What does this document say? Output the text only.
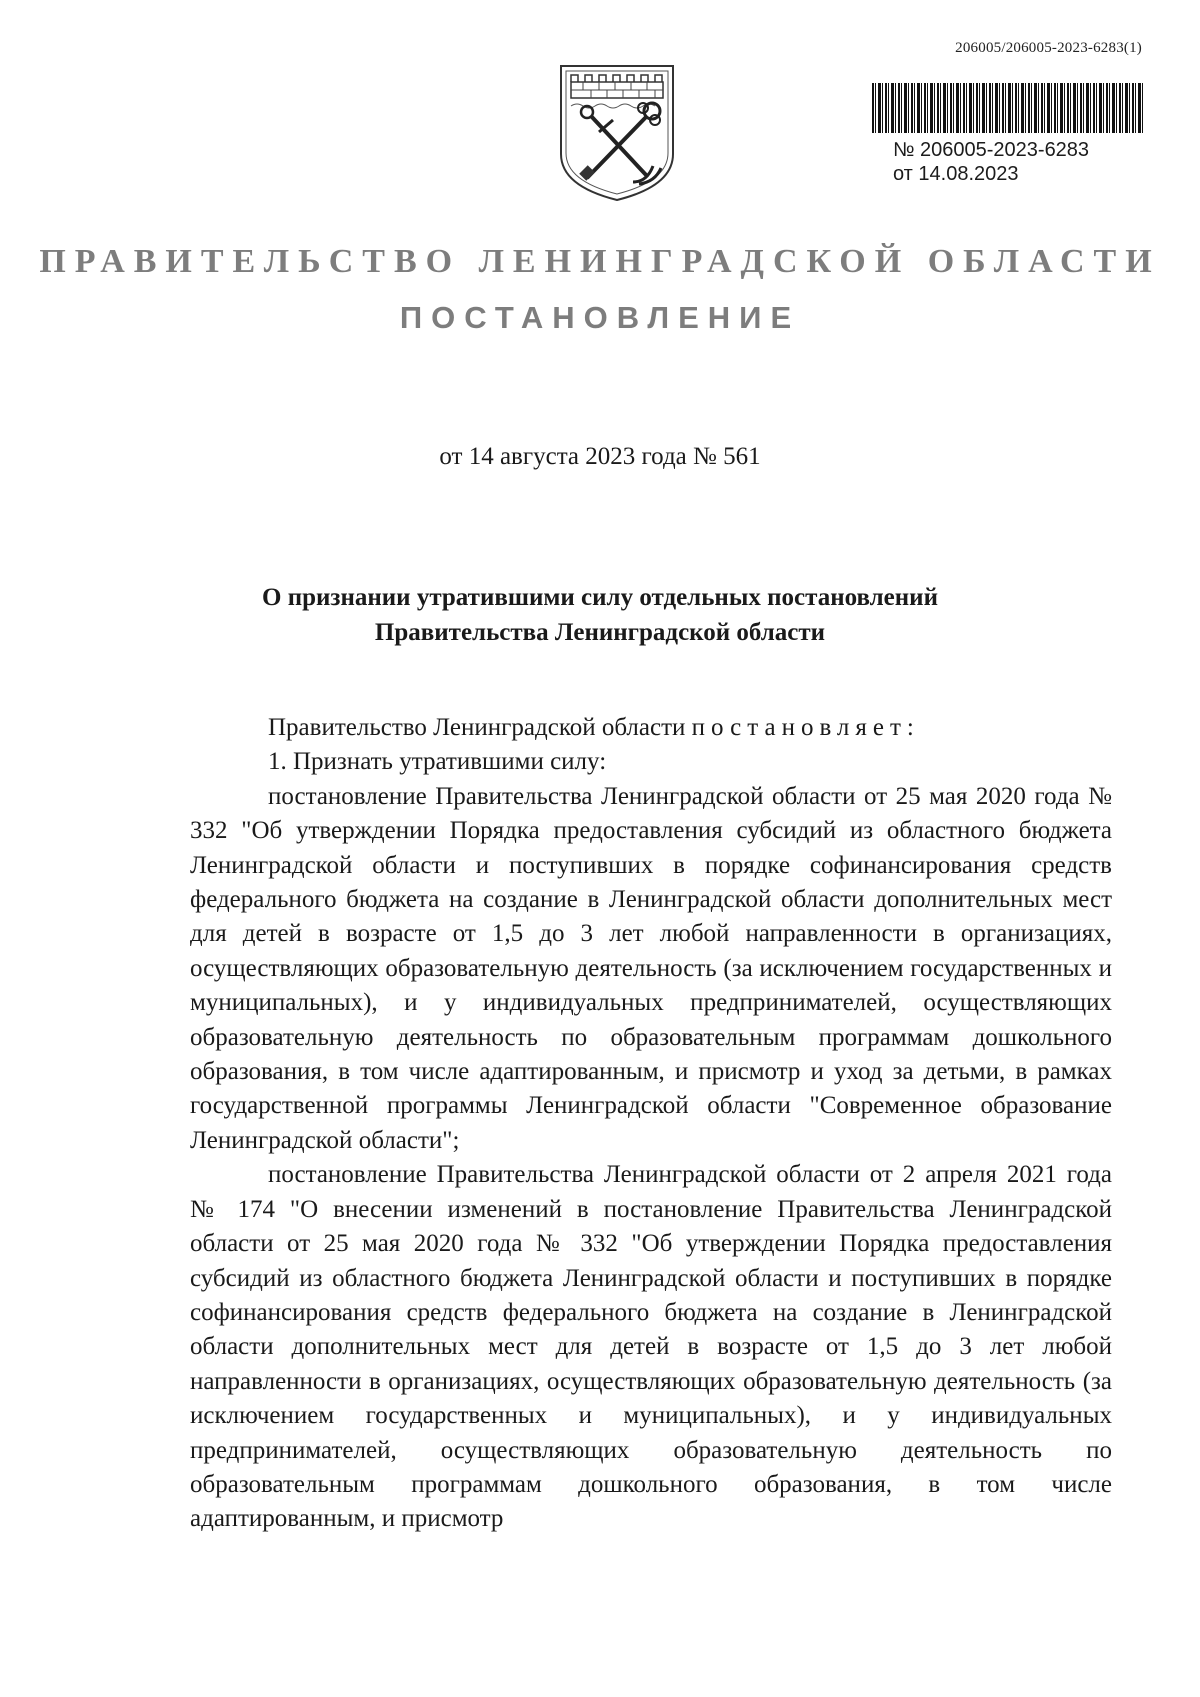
206005/206005-2023-6283(1)
№ 206005-2023-6283
от 14.08.2023
ПРАВИТЕЛЬСТВО ЛЕНИНГРАДСКОЙ ОБЛАСТИ
ПОСТАНОВЛЕНИЕ
от 14 августа 2023 года № 561
О признании утратившими силу отдельных постановлений
Правительства Ленинградской области

Правительство Ленинградской области постановляет:

1. Признать утратившими силу:

постановление Правительства Ленинградской области от 25 мая 2020 года № 332 "Об утверждении Порядка предоставления субсидий из областного бюджета Ленинградской области и поступивших в порядке софинансирования средств федерального бюджета на создание в Ленинградской области дополнительных мест для детей в возрасте от 1,5 до 3 лет любой направленности в организациях, осуществляющих образовательную деятельность (за исключением государственных и муниципальных), и у индивидуальных предпринимателей, осуществляющих образовательную деятельность по образовательным программам дошкольного образования, в том числе адаптированным, и присмотр и уход за детьми, в рамках государственной программы Ленинградской области "Современное образование Ленинградской области";

постановление Правительства Ленинградской области от 2 апреля 2021 года № 174 "О внесении изменений в постановление Правительства Ленинградской области от 25 мая 2020 года № 332 "Об утверждении Порядка предоставления субсидий из областного бюджета Ленинградской области и поступивших в порядке софинансирования средств федерального бюджета на создание в Ленинградской области дополнительных мест для детей в возрасте от 1,5 до 3 лет любой направленности в организациях, осуществляющих образовательную деятельность (за исключением государственных и муниципальных), и у индивидуальных предпринимателей, осуществляющих образовательную деятельность по образовательным программам дошкольного образования, в том числе адаптированным, и присмотр
